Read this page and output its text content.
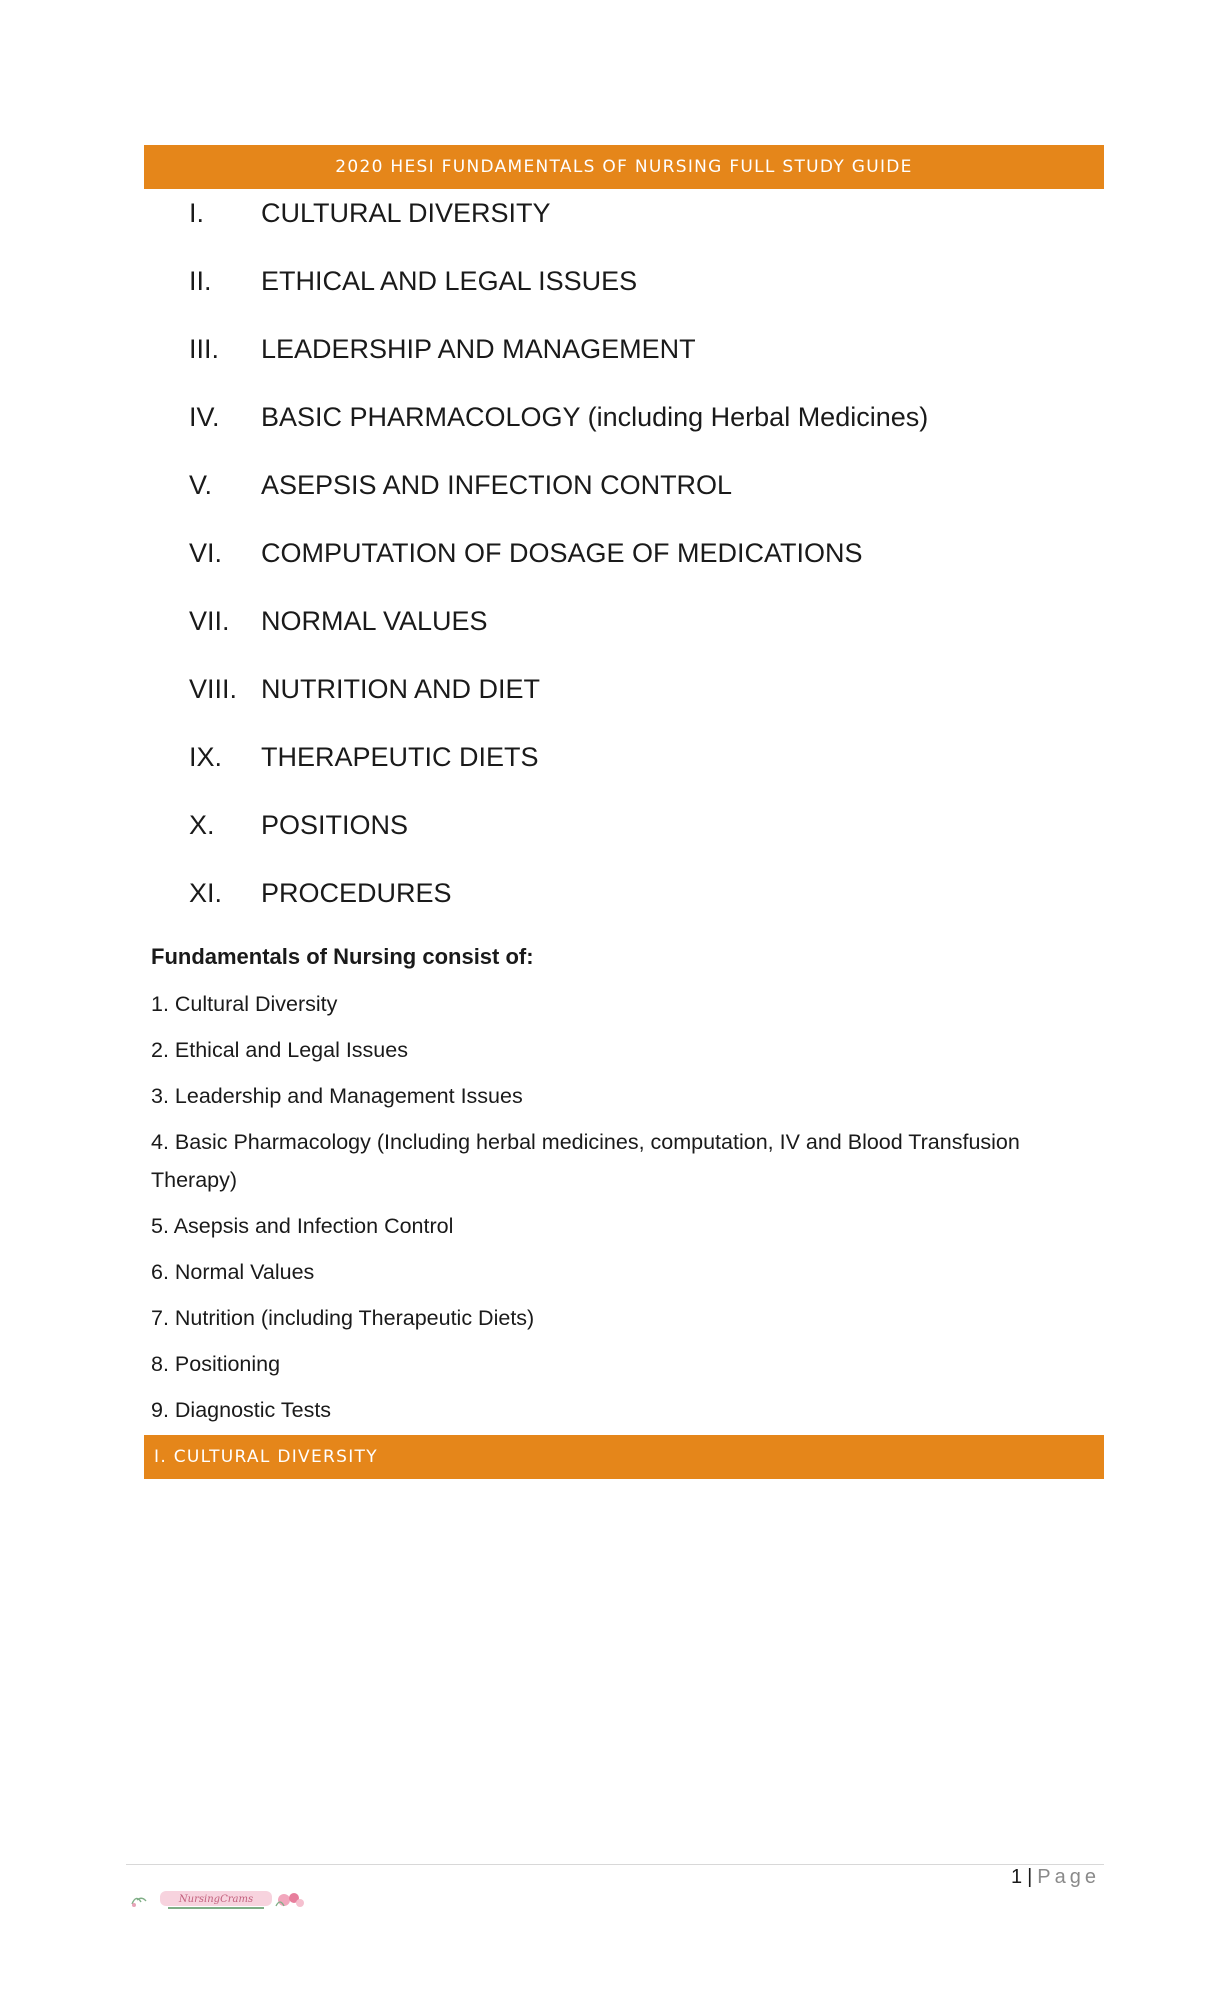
2020 HESI FUNDAMENTALS OF NURSING FULL STUDY GUIDE
I. CULTURAL DIVERSITY
II. ETHICAL AND LEGAL ISSUES
III. LEADERSHIP AND MANAGEMENT
IV. BASIC PHARMACOLOGY (including Herbal Medicines)
V. ASEPSIS AND INFECTION CONTROL
VI. COMPUTATION OF DOSAGE OF MEDICATIONS
VII. NORMAL VALUES
VIII. NUTRITION AND DIET
IX. THERAPEUTIC DIETS
X. POSITIONS
XI. PROCEDURES
Fundamentals of Nursing consist of:
1. Cultural Diversity
2. Ethical and Legal Issues
3. Leadership and Management Issues
4. Basic Pharmacology (Including herbal medicines, computation, IV and Blood Transfusion Therapy)
5. Asepsis and Infection Control
6. Normal Values
7. Nutrition (including Therapeutic Diets)
8. Positioning
9. Diagnostic Tests
I. CULTURAL DIVERSITY
1 | Page
NursingCrams
